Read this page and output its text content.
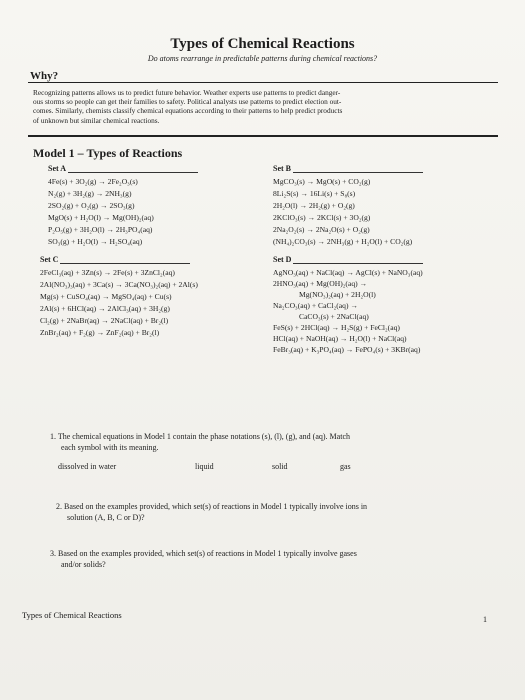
Types of Chemical Reactions
Do atoms rearrange in predictable patterns during chemical reactions?
Why?
Recognizing patterns allows us to predict future behavior. Weather experts use patterns to predict danger-
ous storms so people can get their families to safety. Political analysts use patterns to predict election out-
comes. Similarly, chemists classify chemical equations according to their patterns to help predict products
of unknown but similar chemical reactions.
Model 1 – Types of Reactions
Set A
4Fe(s) + 3O₂(g) → 2Fe₂O₃(s)
N₂(g) + 3H₂(g) → 2NH₃(g)
2SO₂(g) + O₂(g) → 2SO₃(g)
MgO(s) + H₂O(l) → Mg(OH)₂(aq)
P₂O₅(g) + 3H₂O(l) → 2H₃PO₄(aq)
SO₃(g) + H₂O(l) → H₂SO₄(aq)
Set B
MgCO₃(s) → MgO(s) + CO₂(g)
8Li₂S(s) → 16Li(s) + S₈(s)
2H₂O(l) → 2H₂(g) + O₂(g)
2KClO₃(s) → 2KCl(s) + 3O₂(g)
2Na₂O₂(s) → 2Na₂O(s) + O₂(g)
(NH₄)₂CO₃(s) → 2NH₃(g) + H₂O(l) + CO₂(g)
Set C
2FeCl₃(aq) + 3Zn(s) → 2Fe(s) + 3ZnCl₂(aq)
2Al(NO₃)₃(aq) + 3Ca(s) → 3Ca(NO₃)₂(aq) + 2Al(s)
Mg(s) + CuSO₄(aq) → MgSO₄(aq) + Cu(s)
2Al(s) + 6HCl(aq) → 2AlCl₃(aq) + 3H₂(g)
Cl₂(g) + 2NaBr(aq) → 2NaCl(aq) + Br₂(l)
ZnBr₂(aq) + F₂(g) → ZnF₂(aq) + Br₂(l)
Set D
AgNO₃(aq) + NaCl(aq) → AgCl(s) + NaNO₃(aq)
2HNO₃(aq) + Mg(OH)₂(aq) →
Mg(NO₃)₂(aq) + 2H₂O(l)
Na₂CO₃(aq) + CaCl₂(aq) →
CaCO₃(s) + 2NaCl(aq)
FeS(s) + 2HCl(aq) → H₂S(g) + FeCl₂(aq)
HCl(aq) + NaOH(aq) → H₂O(l) + NaCl(aq)
FeBr₃(aq) + K₃PO₄(aq) → FePO₄(s) + 3KBr(aq)
1. The chemical equations in Model 1 contain the phase notations (s), (l), (g), and (aq). Match
each symbol with its meaning.
dissolved in water	liquid	solid	gas
2. Based on the examples provided, which set(s) of reactions in Model 1 typically involve ions in
solution (A, B, C or D)?
3. Based on the examples provided, which set(s) of reactions in Model 1 typically involve gases
and/or solids?
Types of Chemical Reactions	1
